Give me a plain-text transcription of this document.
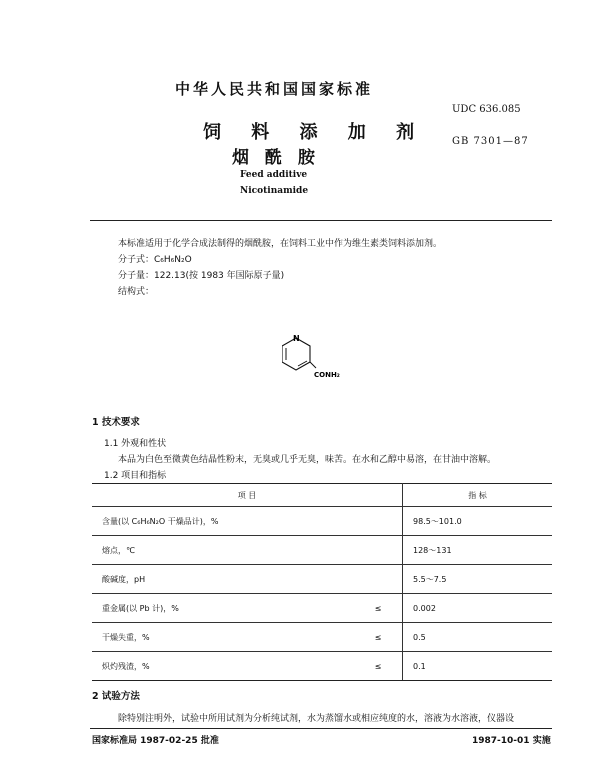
中华人民共和国国家标准
UDC 636.085
GB 7301—87
饲 料 添 加 剂
烟 酰 胺
Feed additive
Nicotinamide
本标准适用于化学合成法制得的烟酰胺，在饲料工业中作为维生素类饲料添加剂。
分子式：C₆H₆N₂O
分子量：122.13(按 1983 年国际原子量)
结构式：
N
CONH₂
1 技术要求
1.1 外观和性状
本品为白色至微黄色结晶性粉末，无臭或几乎无臭，味苦。在水和乙醇中易溶，在甘油中溶解。
1.2 项目和指标
项 目		指 标
含量(以 C₆H₆N₂O 干燥品计)，%		98.5～101.0
熔点，℃		128～131
酸碱度，pH		5.5～7.5
重金属(以 Pb 计)，%	≤	0.002
干燥失重，%	≤	0.5
炽灼残渣，%	≤	0.1
2 试验方法
除特别注明外，试验中所用试剂为分析纯试剂，水为蒸馏水或相应纯度的水，溶液为水溶液，仪器设
国家标准局 1987-02-25 批准	1987-10-01 实施
